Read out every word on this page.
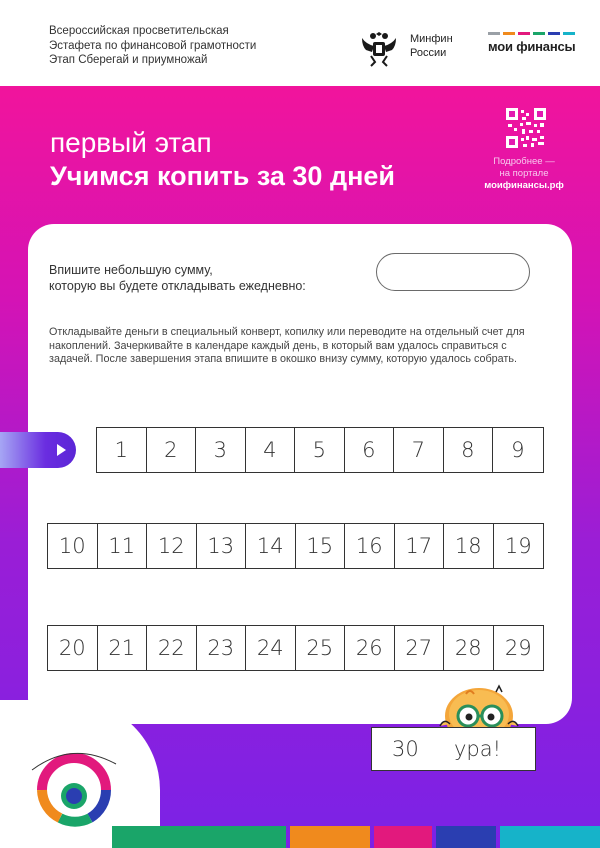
Всероссийская просветительская
Эстафета по финансовой грамотности
Этап Сберегай и приумножай
Минфин
России	мои финансы
первый этап
Учимся копить за 30 дней	Подробнее —
на портале
моифинансы.рф
Впишите небольшую сумму,
которую вы будете откладывать ежедневно:
Откладывайте деньги в специальный конверт, копилку или переводите на отдельный счет для накоплений. Зачеркивайте в календаре каждый день, в который вам удалось справиться с задачей. После завершения этапа впишите в окошко внизу сумму, которую удалось собрать.
1	2	3	4	5	6	7	8	9
10	11	12	13	14	15	16	17	18	19
20	21	22	23	24	25	26	27	28	29
30 ура!
